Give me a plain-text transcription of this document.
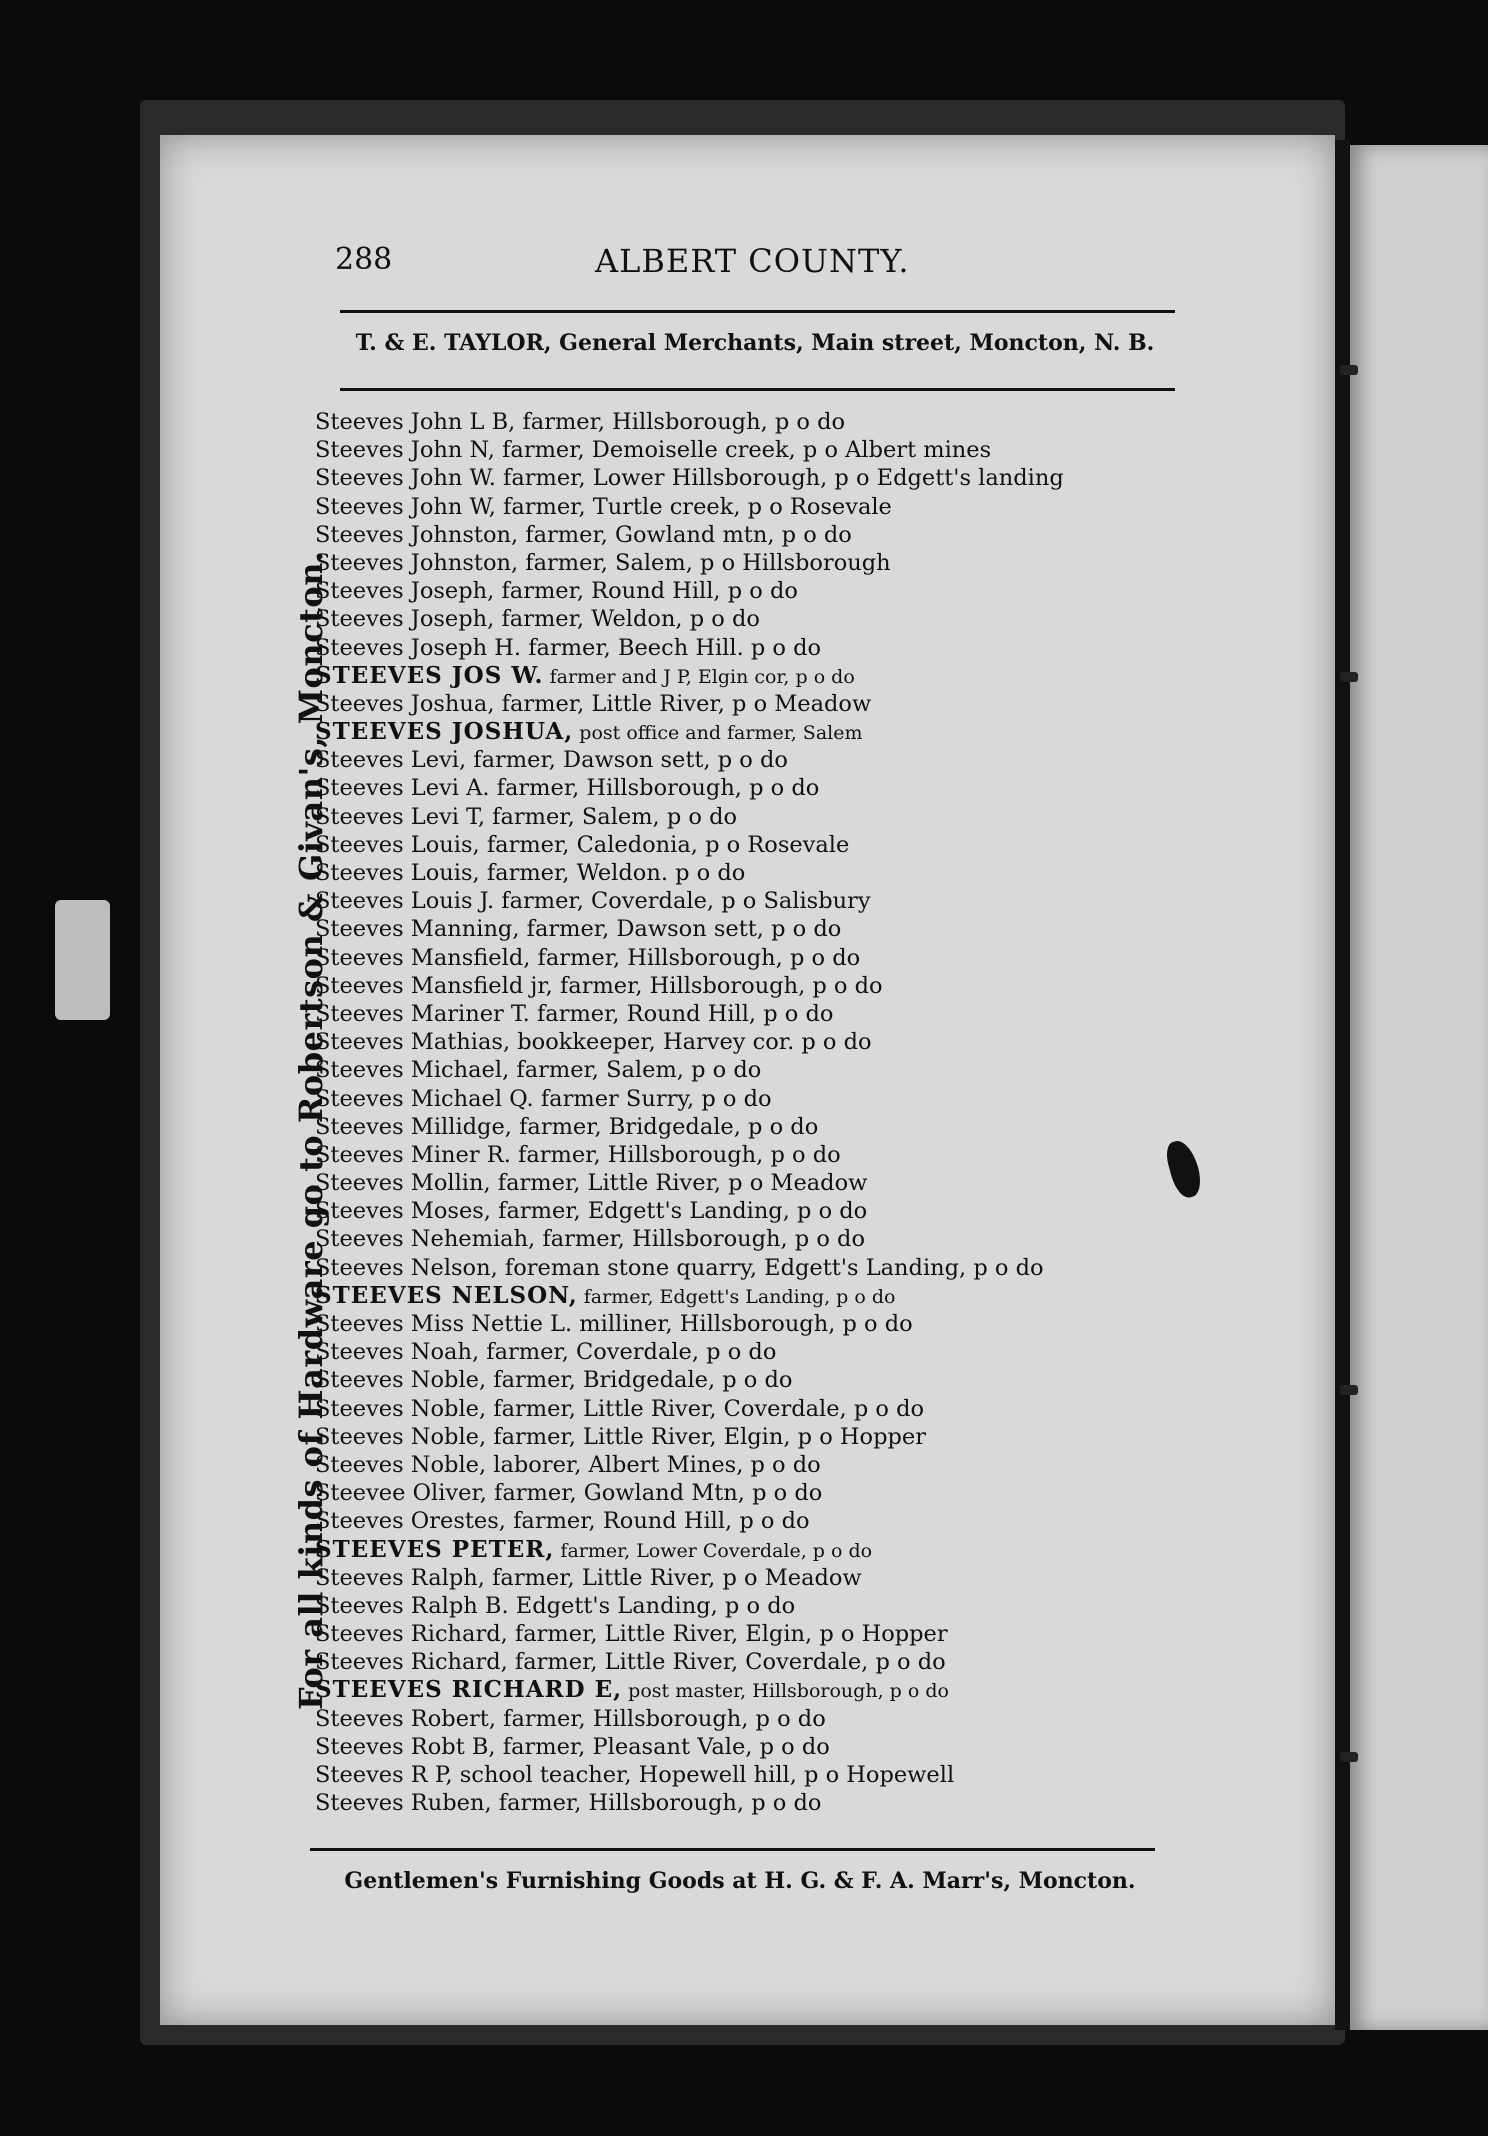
288	ALBERT COUNTY.
T. & E. TAYLOR, General Merchants, Main street, Moncton, N. B.
For all kinds of Hardware go to Robertson & Givan's, Moncton.
Steeves John L B, farmer, Hillsborough, p o do
Steeves John N, farmer, Demoiselle creek, p o Albert mines
Steeves John W. farmer, Lower Hillsborough, p o Edgett's landing
Steeves John W, farmer, Turtle creek, p o Rosevale
Steeves Johnston, farmer, Gowland mtn, p o do
Steeves Johnston, farmer, Salem, p o Hillsborough
Steeves Joseph, farmer, Round Hill, p o do
Steeves Joseph, farmer, Weldon, p o do
Steeves Joseph H. farmer, Beech Hill. p o do
STEEVES JOS W. farmer and J P, Elgin cor, p o do
Steeves Joshua, farmer, Little River, p o Meadow
STEEVES JOSHUA, post office and farmer, Salem
Steeves Levi, farmer, Dawson sett, p o do
Steeves Levi A. farmer, Hillsborough, p o do
Steeves Levi T, farmer, Salem, p o do
Steeves Louis, farmer, Caledonia, p o Rosevale
Steeves Louis, farmer, Weldon. p o do
Steeves Louis J. farmer, Coverdale, p o Salisbury
Steeves Manning, farmer, Dawson sett, p o do
Steeves Mansfield, farmer, Hillsborough, p o do
Steeves Mansfield jr, farmer, Hillsborough, p o do
Steeves Mariner T. farmer, Round Hill, p o do
Steeves Mathias, bookkeeper, Harvey cor. p o do
Steeves Michael, farmer, Salem, p o do
Steeves Michael Q. farmer Surry, p o do
Steeves Millidge, farmer, Bridgedale, p o do
Steeves Miner R. farmer, Hillsborough, p o do
Steeves Mollin, farmer, Little River, p o Meadow
Steeves Moses, farmer, Edgett's Landing, p o do
Steeves Nehemiah, farmer, Hillsborough, p o do
Steeves Nelson, foreman stone quarry, Edgett's Landing, p o do
STEEVES NELSON, farmer, Edgett's Landing, p o do
Steeves Miss Nettie L. milliner, Hillsborough, p o do
Steeves Noah, farmer, Coverdale, p o do
Steeves Noble, farmer, Bridgedale, p o do
Steeves Noble, farmer, Little River, Coverdale, p o do
Steeves Noble, farmer, Little River, Elgin, p o Hopper
Steeves Noble, laborer, Albert Mines, p o do
Steevee Oliver, farmer, Gowland Mtn, p o do
Steeves Orestes, farmer, Round Hill, p o do
STEEVES PETER, farmer, Lower Coverdale, p o do
Steeves Ralph, farmer, Little River, p o Meadow
Steeves Ralph B. Edgett's Landing, p o do
Steeves Richard, farmer, Little River, Elgin, p o Hopper
Steeves Richard, farmer, Little River, Coverdale, p o do
STEEVES RICHARD E, post master, Hillsborough, p o do
Steeves Robert, farmer, Hillsborough, p o do
Steeves Robt B, farmer, Pleasant Vale, p o do
Steeves R P, school teacher, Hopewell hill, p o Hopewell
Steeves Ruben, farmer, Hillsborough, p o do
Gentlemen's Furnishing Goods at H. G. & F. A. Marr's, Moncton.
